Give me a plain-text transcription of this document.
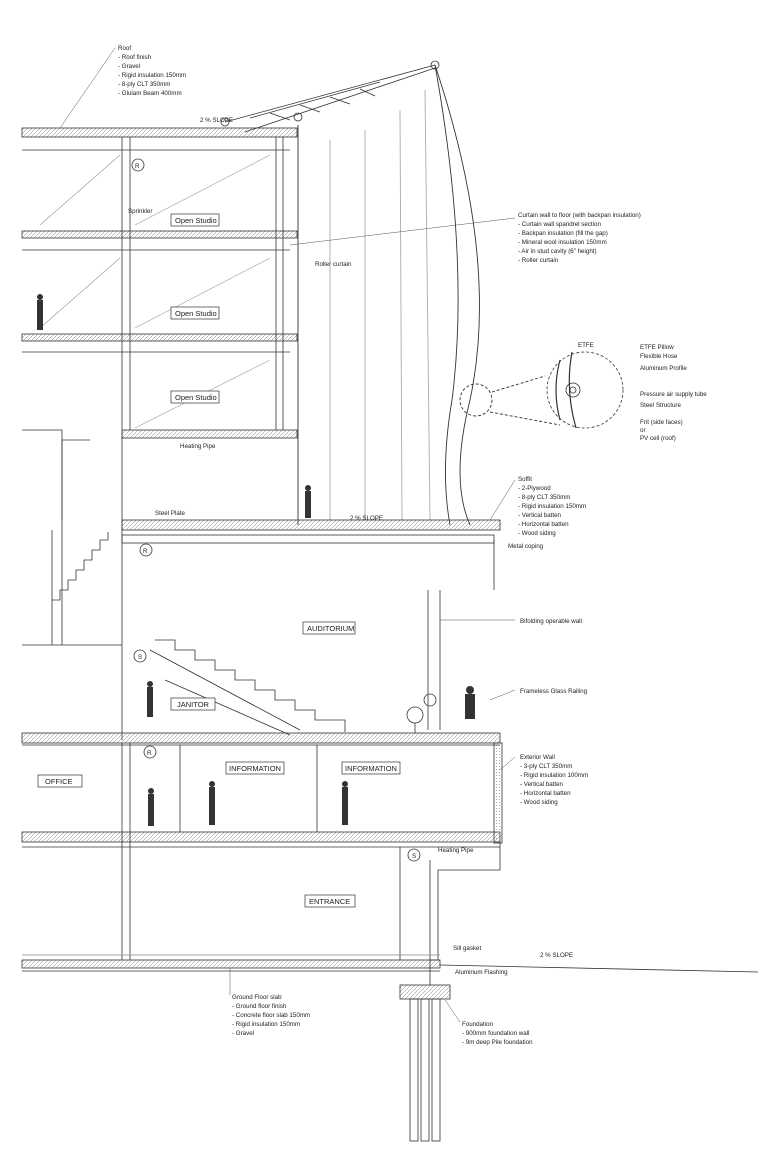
Open Studio
Open Studio
Open Studio
AUDITORIUM
JANITOR
OFFICE
INFORMATION	INFORMATION
ENTRANCE
Sprinkler
Roller curtain
Steel Plate
Metal coping
Aluminum Flashing
Sill gasket
Heating Pipe
Heating Pipe
2 % SLOPE
2 % SLOPE
2 % SLOPE
R
R
S
R
S
Roof - Roof finish - Gravel - Rigid insulation 150mm - 8-ply CLT 350mm - Glulam Beam 400mm
Curtain wall to floor (with backpan insulation) - Curtain wall spandrel section - Backpan insulation (fill the gap) - Mineral wool insulation 150mm - Air in stud cavity (6" height) - Roller curtain
ETFE	ETFE Pillow Flexible Hose Aluminum Profile Pressure air supply tube Steel Structure Frit (side faces) or PV cell (roof)
Soffit - 2-Plywood - 8-ply CLT 350mm - Rigid insulation 150mm - Vertical batten - Horizontal batten - Wood siding
Bifolding operable wall
Frameless Glass Railing
Exterior Wall - 3-ply CLT 350mm - Rigid insulation 100mm - Vertical batten - Horizontal batten - Wood siding
Ground Floor slab - Ground floor finish - Concrete floor slab 150mm - Rigid insulation 150mm - Gravel
Foundation - 900mm foundation wall - 9m deep Pile foundation
